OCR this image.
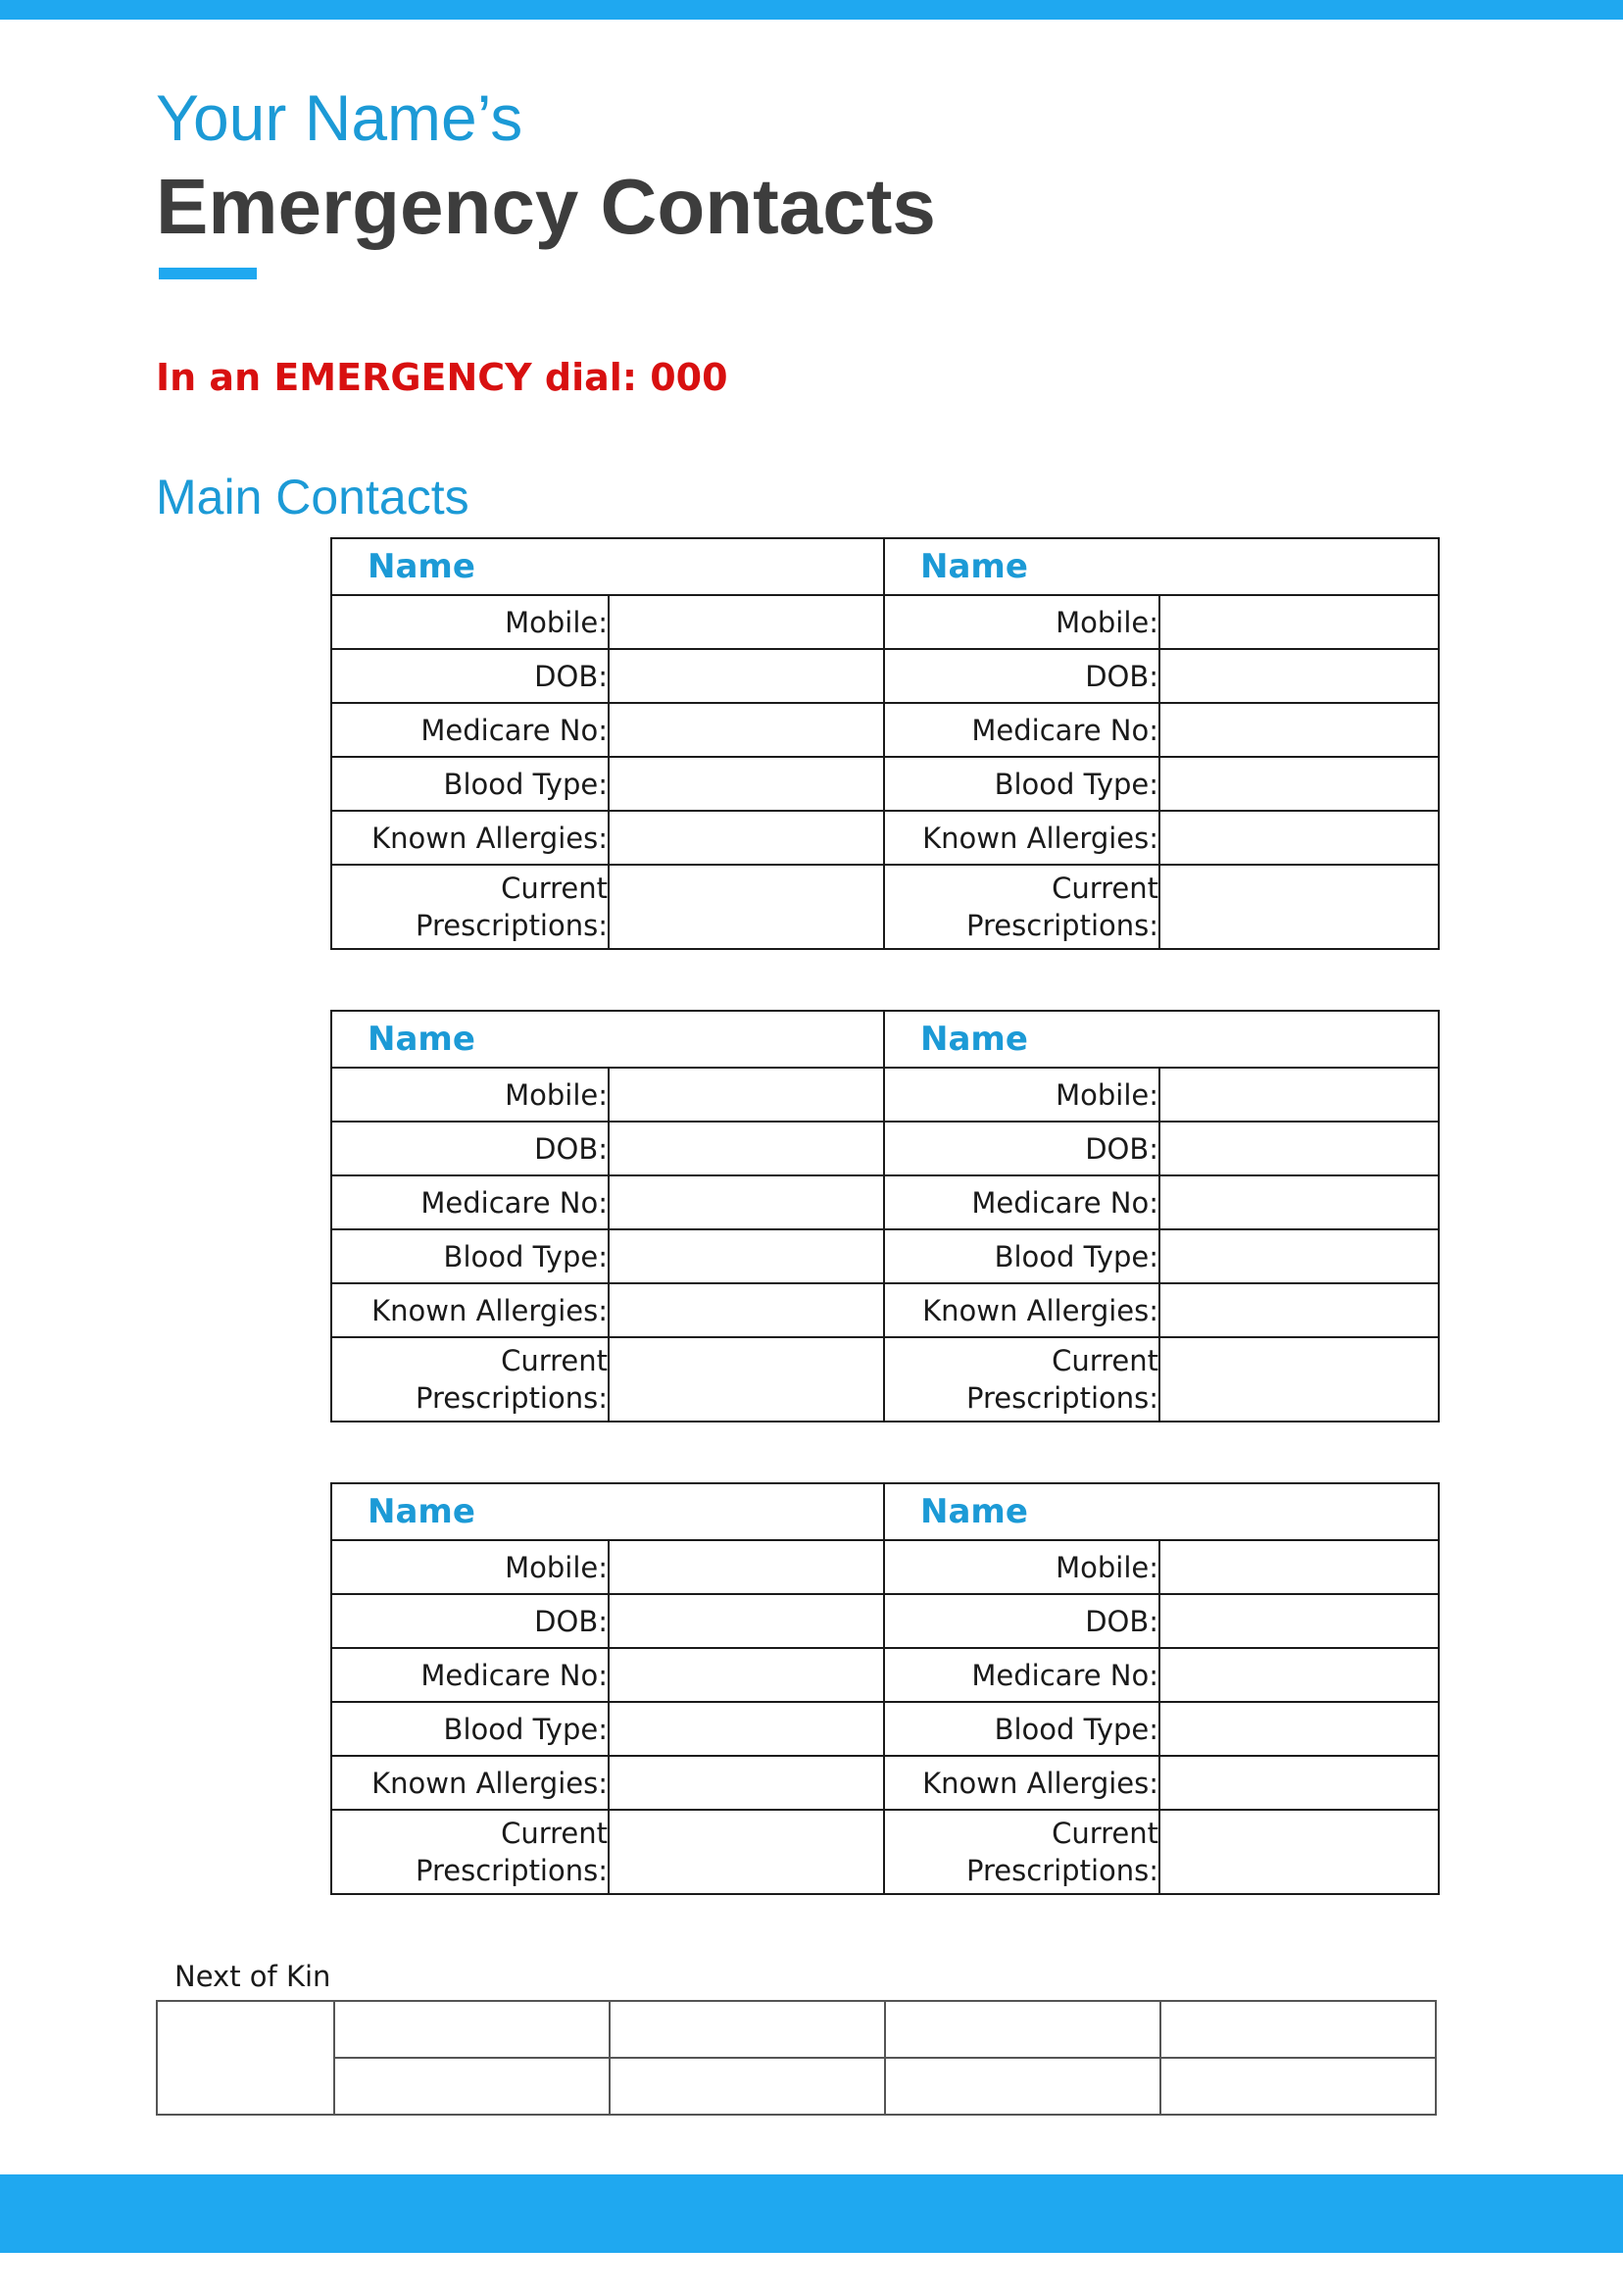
Your Name’s
Emergency Contacts
In an EMERGENCY dial: 000
Main Contacts
Name		Name	
Mobile:		Mobile:	
DOB:		DOB:	
Medicare No:		Medicare No:	
Blood Type:		Blood Type:	
Known Allergies:		Known Allergies:	
Current
Prescriptions:		Current
Prescriptions:	
Name		Name	
Mobile:		Mobile:	
DOB:		DOB:	
Medicare No:		Medicare No:	
Blood Type:		Blood Type:	
Known Allergies:		Known Allergies:	
Current
Prescriptions:		Current
Prescriptions:	
Name		Name	
Mobile:		Mobile:	
DOB:		DOB:	
Medicare No:		Medicare No:	
Blood Type:		Blood Type:	
Known Allergies:		Known Allergies:	
Current
Prescriptions:		Current
Prescriptions:	
Next of Kin
